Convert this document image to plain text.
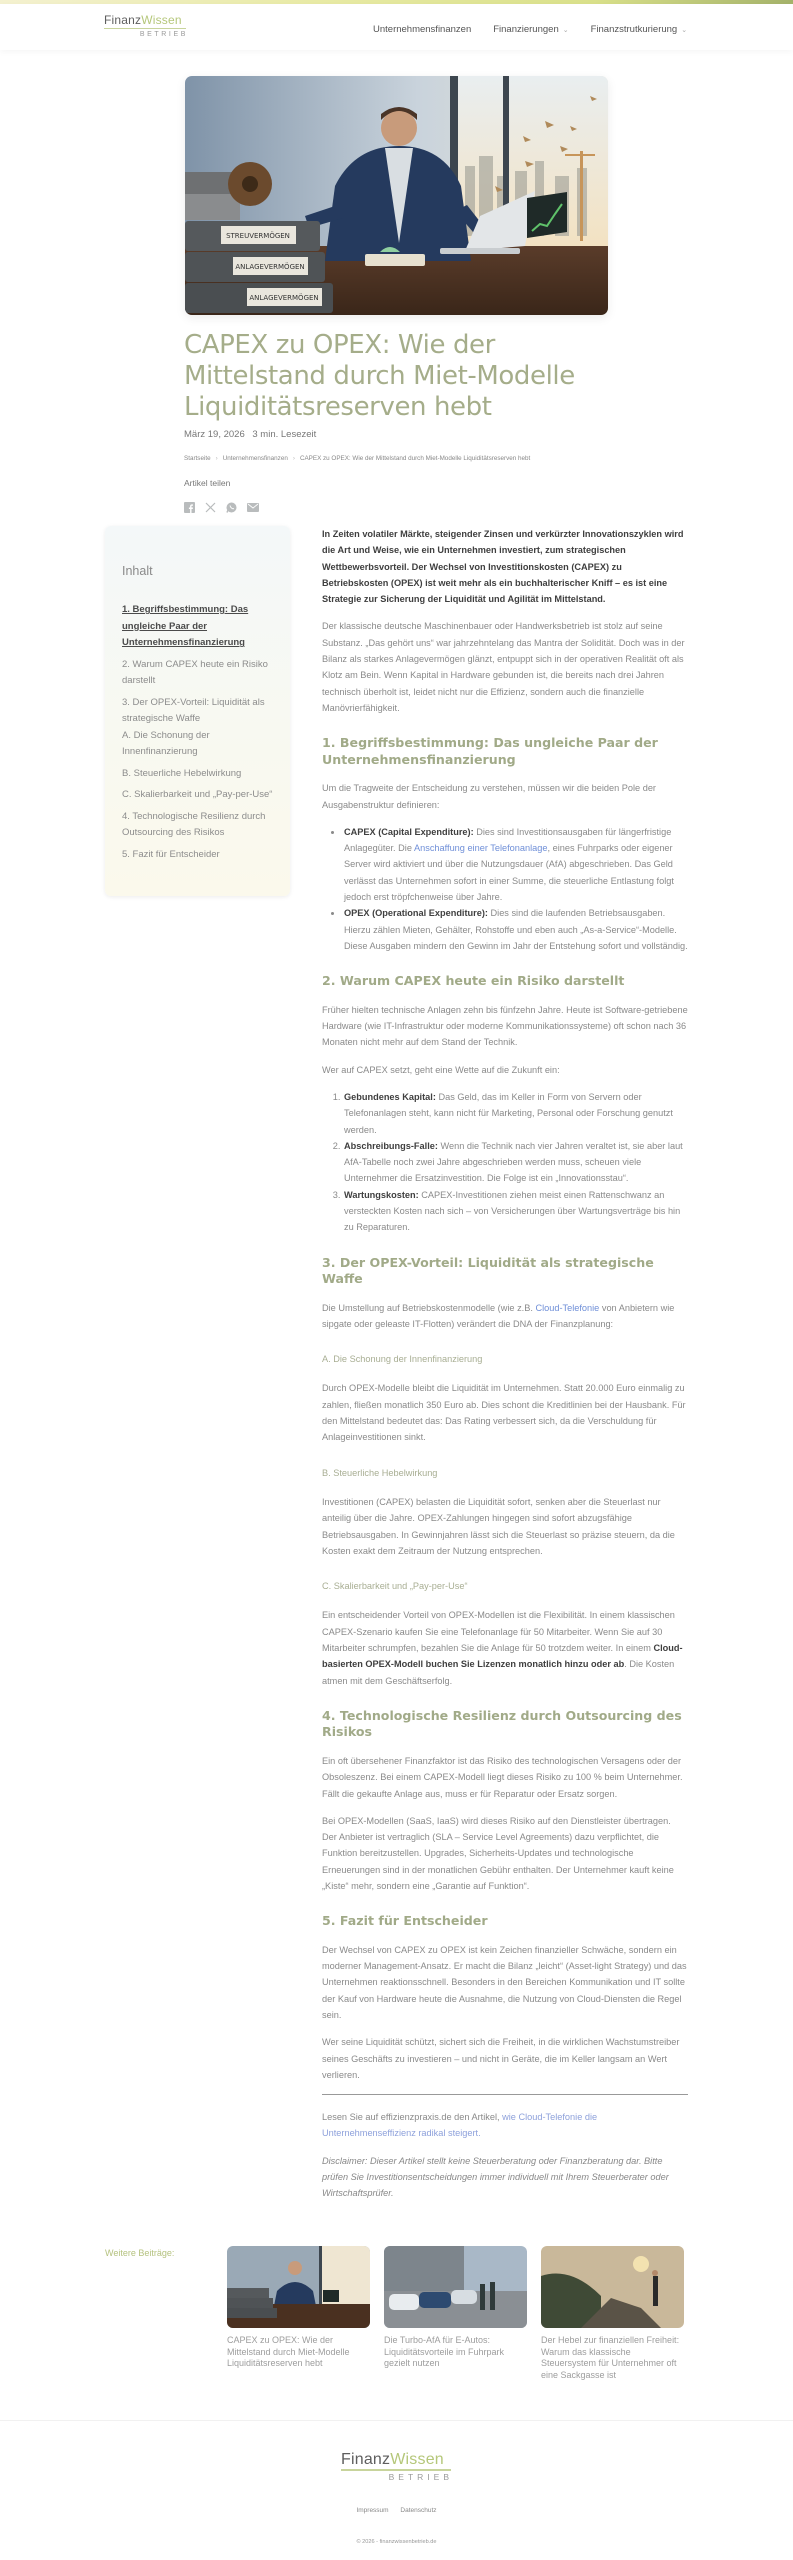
FinanzWissen
BETRIEB	Unternehmensfinanzen Finanzierungen ⌄ Finanzstrutkurierung ⌄
STREUVERMÖGEN
ANLAGEVERMÖGEN
ANLAGEVERMÖGEN
CAPEX zu OPEX: Wie der Mittelstand durch Miet-Modelle Liquiditätsreserven hebt
März 19, 2026 3 min. Lesezeit
Startseite › Unternehmensfinanzen › CAPEX zu OPEX: Wie der Mittelstand durch Miet-Modelle Liquiditätsreserven hebt
Artikel teilen
Inhalt
1. Begriffsbestimmung: Das ungleiche Paar der Unternehmensfinanzierung
2. Warum CAPEX heute ein Risiko darstellt
3. Der OPEX-Vorteil: Liquidität als strategische Waffe
A. Die Schonung der Innenfinanzierung
B. Steuerliche Hebelwirkung
C. Skalierbarkeit und „Pay-per-Use“
4. Technologische Resilienz durch Outsourcing des Risikos
5. Fazit für Entscheider

In Zeiten volatiler Märkte, steigender Zinsen und verkürzter Innovationszyklen wird die Art und Weise, wie ein Unternehmen investiert, zum strategischen Wettbewerbsvorteil. Der Wechsel von Investitionskosten (CAPEX) zu Betriebskosten (OPEX) ist weit mehr als ein buchhalterischer Kniff – es ist eine Strategie zur Sicherung der Liquidität und Agilität im Mittelstand.

Der klassische deutsche Maschinenbauer oder Handwerksbetrieb ist stolz auf seine Substanz. „Das gehört uns“ war jahrzehntelang das Mantra der Solidität. Doch was in der Bilanz als starkes Anlagevermögen glänzt, entpuppt sich in der operativen Realität oft als Klotz am Bein. Wenn Kapital in Hardware gebunden ist, die bereits nach drei Jahren technisch überholt ist, leidet nicht nur die Effizienz, sondern auch die finanzielle Manövrierfähigkeit.

1. Begriffsbestimmung: Das ungleiche Paar der Unternehmensfinanzierung

Um die Tragweite der Entscheidung zu verstehen, müssen wir die beiden Pole der Ausgabenstruktur definieren:

• CAPEX (Capital Expenditure): Dies sind Investitionsausgaben für längerfristige Anlagegüter. Die Anschaffung einer Telefonanlage, eines Fuhrparks oder eigener Server wird aktiviert und über die Nutzungsdauer (AfA) abgeschrieben. Das Geld verlässt das Unternehmen sofort in einer Summe, die steuerliche Entlastung folgt jedoch erst tröpfchenweise über Jahre.
• OPEX (Operational Expenditure): Dies sind die laufenden Betriebsausgaben. Hierzu zählen Mieten, Gehälter, Rohstoffe und eben auch „As-a-Service“-Modelle. Diese Ausgaben mindern den Gewinn im Jahr der Entstehung sofort und vollständig.
2. Warum CAPEX heute ein Risiko darstellt

Früher hielten technische Anlagen zehn bis fünfzehn Jahre. Heute ist Software-getriebene Hardware (wie IT-Infrastruktur oder moderne Kommunikationssysteme) oft schon nach 36 Monaten nicht mehr auf dem Stand der Technik.

Wer auf CAPEX setzt, geht eine Wette auf die Zukunft ein:

1. Gebundenes Kapital: Das Geld, das im Keller in Form von Servern oder Telefonanlagen steht, kann nicht für Marketing, Personal oder Forschung genutzt werden.
2. Abschreibungs-Falle: Wenn die Technik nach vier Jahren veraltet ist, sie aber laut AfA-Tabelle noch zwei Jahre abgeschrieben werden muss, scheuen viele Unternehmer die Ersatzinvestition. Die Folge ist ein „Innovationsstau“.
3. Wartungskosten: CAPEX-Investitionen ziehen meist einen Rattenschwanz an versteckten Kosten nach sich – von Versicherungen über Wartungsverträge bis hin zu Reparaturen.
3. Der OPEX-Vorteil: Liquidität als strategische Waffe

Die Umstellung auf Betriebskostenmodelle (wie z.B. Cloud-Telefonie von Anbietern wie sipgate oder geleaste IT-Flotten) verändert die DNA der Finanzplanung:

A. Die Schonung der Innenfinanzierung

Durch OPEX-Modelle bleibt die Liquidität im Unternehmen. Statt 20.000 Euro einmalig zu zahlen, fließen monatlich 350 Euro ab. Dies schont die Kreditlinien bei der Hausbank. Für den Mittelstand bedeutet das: Das Rating verbessert sich, da die Verschuldung für Anlageinvestitionen sinkt.

B. Steuerliche Hebelwirkung

Investitionen (CAPEX) belasten die Liquidität sofort, senken aber die Steuerlast nur anteilig über die Jahre. OPEX-Zahlungen hingegen sind sofort abzugsfähige Betriebsausgaben. In Gewinnjahren lässt sich die Steuerlast so präzise steuern, da die Kosten exakt dem Zeitraum der Nutzung entsprechen.

C. Skalierbarkeit und „Pay-per-Use“

Ein entscheidender Vorteil von OPEX-Modellen ist die Flexibilität. In einem klassischen CAPEX-Szenario kaufen Sie eine Telefonanlage für 50 Mitarbeiter. Wenn Sie auf 30 Mitarbeiter schrumpfen, bezahlen Sie die Anlage für 50 trotzdem weiter. In einem Cloud-basierten OPEX-Modell buchen Sie Lizenzen monatlich hinzu oder ab. Die Kosten atmen mit dem Geschäftserfolg.

4. Technologische Resilienz durch Outsourcing des Risikos

Ein oft übersehener Finanzfaktor ist das Risiko des technologischen Versagens oder der Obsoleszenz. Bei einem CAPEX-Modell liegt dieses Risiko zu 100 % beim Unternehmer. Fällt die gekaufte Anlage aus, muss er für Reparatur oder Ersatz sorgen.

Bei OPEX-Modellen (SaaS, IaaS) wird dieses Risiko auf den Dienstleister übertragen. Der Anbieter ist vertraglich (SLA – Service Level Agreements) dazu verpflichtet, die Funktion bereitzustellen. Upgrades, Sicherheits-Updates und technologische Erneuerungen sind in der monatlichen Gebühr enthalten. Der Unternehmer kauft keine „Kiste“ mehr, sondern eine „Garantie auf Funktion“.

5. Fazit für Entscheider

Der Wechsel von CAPEX zu OPEX ist kein Zeichen finanzieller Schwäche, sondern ein moderner Management-Ansatz. Er macht die Bilanz „leicht“ (Asset-light Strategy) und das Unternehmen reaktionsschnell. Besonders in den Bereichen Kommunikation und IT sollte der Kauf von Hardware heute die Ausnahme, die Nutzung von Cloud-Diensten die Regel sein.

Wer seine Liquidität schützt, sichert sich die Freiheit, in die wirklichen Wachstumstreiber seines Geschäfts zu investieren – und nicht in Geräte, die im Keller langsam an Wert verlieren.

Lesen Sie auf effizienzpraxis.de den Artikel, wie Cloud-Telefonie die Unternehmenseffizienz radikal steigert.

Disclaimer: Dieser Artikel stellt keine Steuerberatung oder Finanzberatung dar. Bitte prüfen Sie Investitionsentscheidungen immer individuell mit Ihrem Steuerberater oder Wirtschaftsprüfer.

Weitere Beiträge:
CAPEX zu OPEX: Wie der Mittelstand durch Miet-Modelle Liquiditätsreserven hebt
Die Turbo-AfA für E-Autos: Liquiditätsvorteile im Fuhrpark gezielt nutzen
Der Hebel zur finanziellen Freiheit: Warum das klassische Steuersystem für Unternehmer oft eine Sackgasse ist
FinanzWissen
BETRIEB
Impressum Datenschutz
© 2026 - finanzwissenbetrieb.de
